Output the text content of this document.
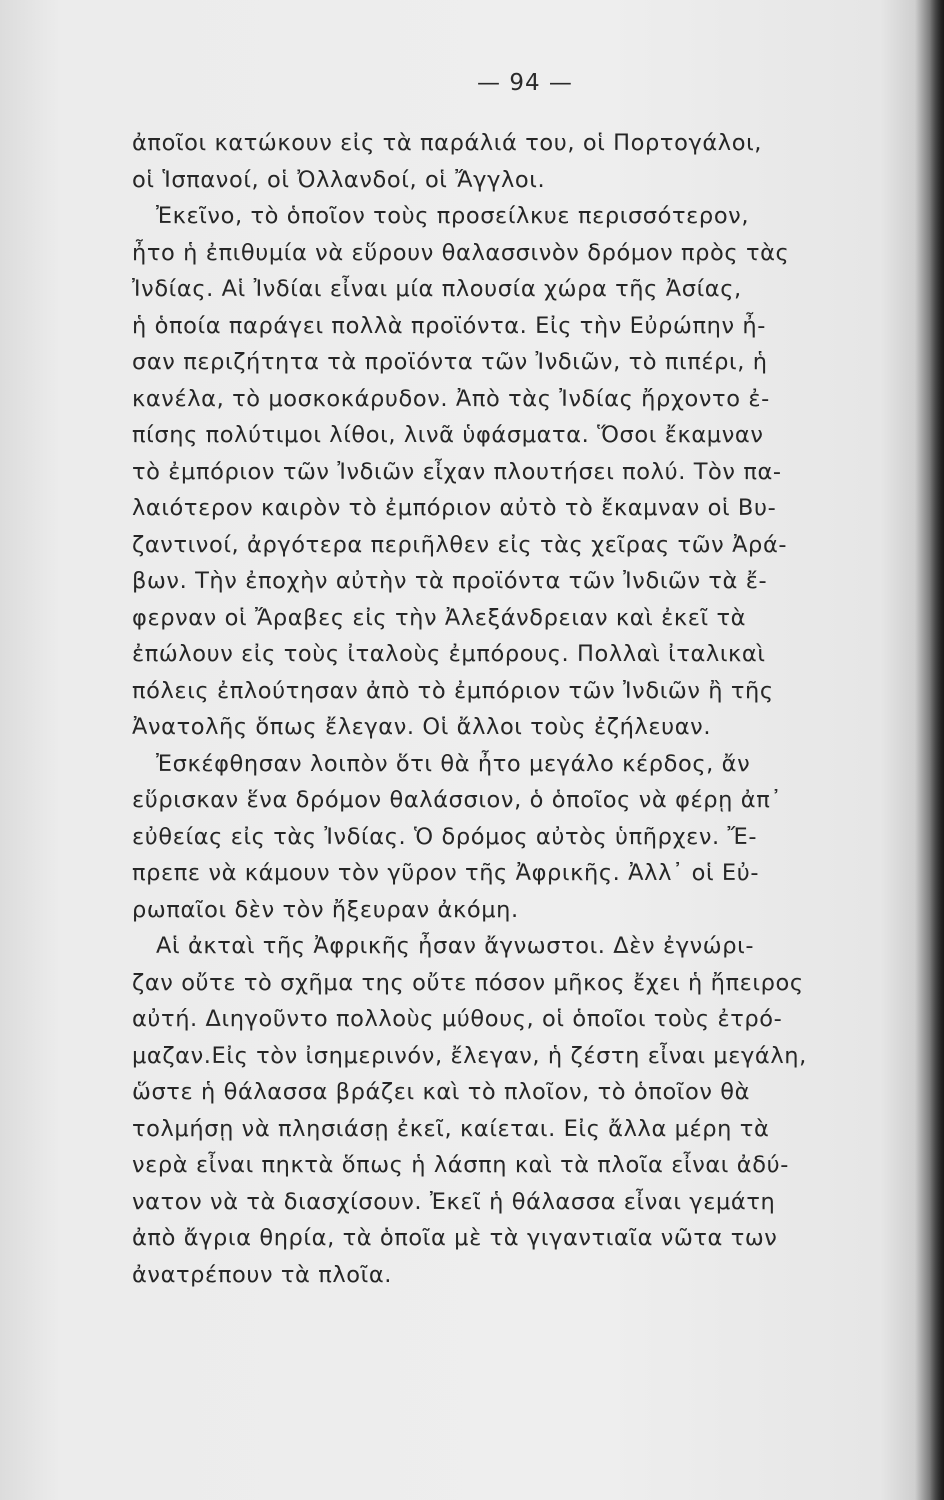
— 94 —
ἀποῖοι κατώκουν εἰς τὰ παράλιά του, οἱ Πορτογάλοι,
οἱ Ἱσπανοί, οἱ Ὀλλανδοί, οἱ Ἄγγλοι.
Ἐκεῖνο, τὸ ὁποῖον τοὺς προσείλκυε περισσότερον,
ἦτο ἡ ἐπιθυμία νὰ εὕρουν θαλασσινὸν δρόμον πρὸς τὰς
Ἰνδίας. Αἱ Ἰνδίαι εἶναι μία πλουσία χώρα τῆς Ἀσίας,
ἡ ὁποία παράγει πολλὰ προϊόντα. Εἰς τὴν Εὐρώπην ἦ-
σαν περιζήτητα τὰ προϊόντα τῶν Ἰνδιῶν, τὸ πιπέρι, ἡ
κανέλα, τὸ μοσκοκάρυδον. Ἀπὸ τὰς Ἰνδίας ἤρχοντο ἐ-
πίσης πολύτιμοι λίθοι, λινᾶ ὑφάσματα. Ὅσοι ἔκαμναν
τὸ ἐμπόριον τῶν Ἰνδιῶν εἶχαν πλουτήσει πολύ. Τὸν πα-
λαιότερον καιρὸν τὸ ἐμπόριον αὐτὸ τὸ ἔκαμναν οἱ Βυ-
ζαντινοί, ἀργότερα περιῆλθεν εἰς τὰς χεῖρας τῶν Ἀρά-
βων. Τὴν ἐποχὴν αὐτὴν τὰ προϊόντα τῶν Ἰνδιῶν τὰ ἔ-
φερναν οἱ Ἄραβες εἰς τὴν Ἀλεξάνδρειαν καὶ ἐκεῖ τὰ
ἐπώλουν εἰς τοὺς ἰταλοὺς ἐμπόρους. Πολλαὶ ἰταλικαὶ
πόλεις ἐπλούτησαν ἀπὸ τὸ ἐμπόριον τῶν Ἰνδιῶν ἢ τῆς
Ἀνατολῆς ὅπως ἔλεγαν. Οἱ ἄλλοι τοὺς ἐζήλευαν.
Ἐσκέφθησαν λοιπὸν ὅτι θὰ ἦτο μεγάλο κέρδος, ἄν
εὕρισκαν ἕνα δρόμον θαλάσσιον, ὁ ὁποῖος νὰ φέρῃ ἀπ᾽
εὐθείας εἰς τὰς Ἰνδίας. Ὁ δρόμος αὐτὸς ὑπῆρχεν. Ἔ-
πρεπε νὰ κάμουν τὸν γῦρον τῆς Ἀφρικῆς. Ἀλλ᾽ οἱ Εὐ-
ρωπαῖοι δὲν τὸν ἤξευραν ἀκόμη.
Αἱ ἀκταὶ τῆς Ἀφρικῆς ἦσαν ἄγνωστοι. Δὲν ἐγνώρι-
ζαν οὔτε τὸ σχῆμα της οὔτε πόσον μῆκος ἔχει ἡ ἤπειρος
αὐτή. Διηγοῦντο πολλοὺς μύθους, οἱ ὁποῖοι τοὺς ἐτρό-
μαζαν.Εἰς τὸν ἰσημερινόν, ἔλεγαν, ἡ ζέστη εἶναι μεγάλη,
ὥστε ἡ θάλασσα βράζει καὶ τὸ πλοῖον, τὸ ὁποῖον θὰ
τολμήσῃ νὰ πλησιάσῃ ἐκεῖ, καίεται. Εἰς ἄλλα μέρη τὰ
νερὰ εἶναι πηκτὰ ὅπως ἡ λάσπη καὶ τὰ πλοῖα εἶναι ἀδύ-
νατον νὰ τὰ διασχίσουν. Ἐκεῖ ἡ θάλασσα εἶναι γεμάτη
ἀπὸ ἄγρια θηρία, τὰ ὁποῖα μὲ τὰ γιγαντιαῖα νῶτα των
ἀνατρέπουν τὰ πλοῖα.
